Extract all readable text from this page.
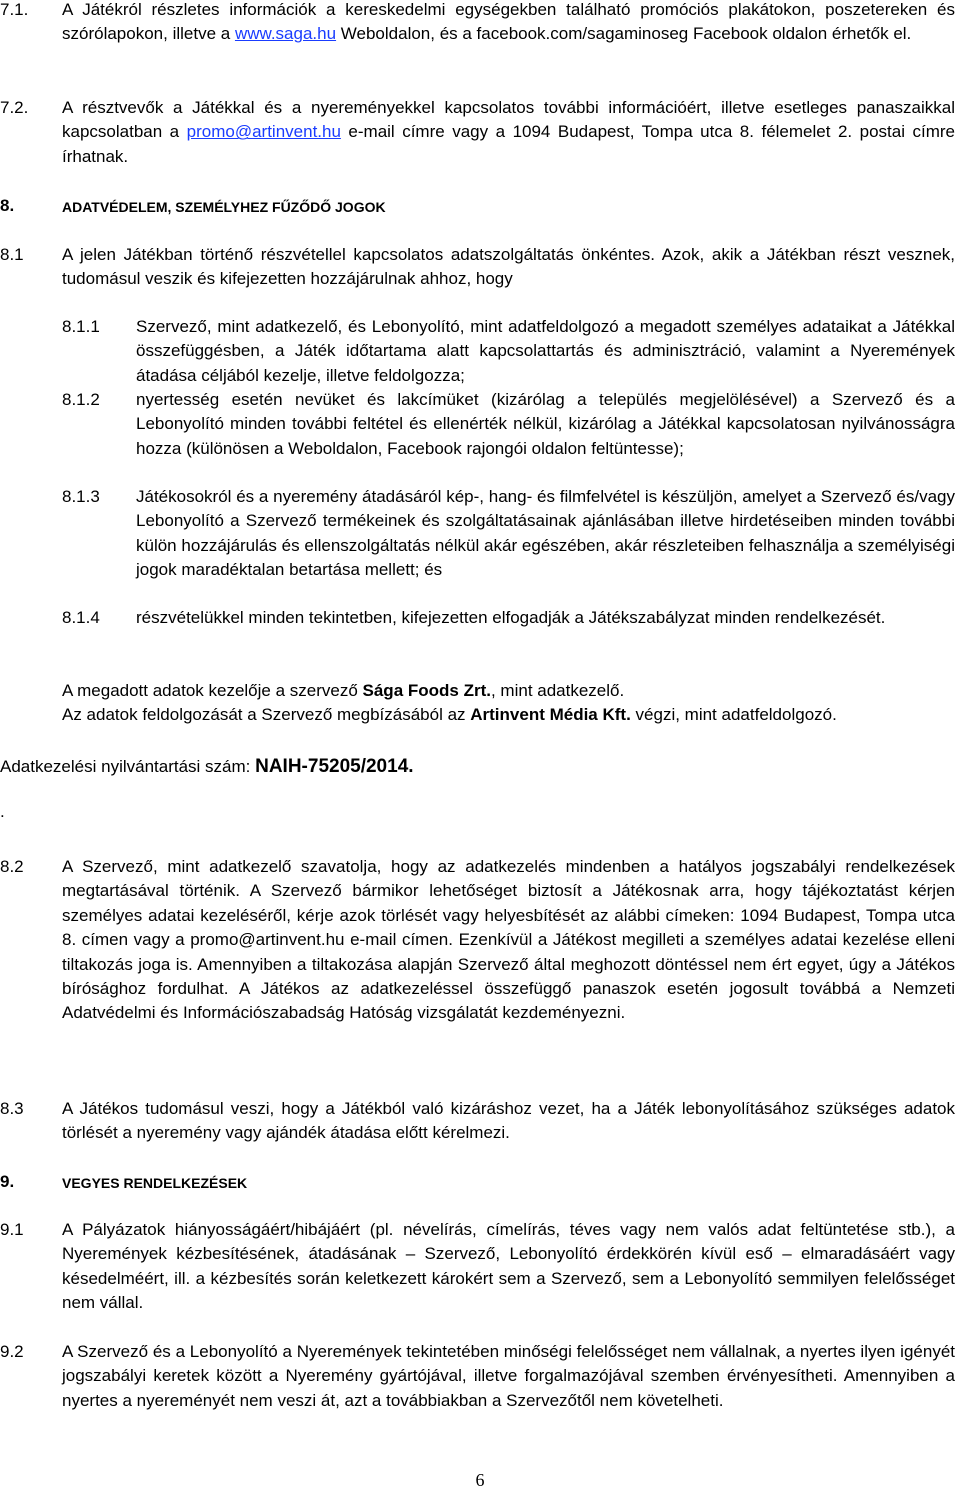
7.1. A Játékról részletes információk a kereskedelmi egységekben található promóciós plakátokon, poszetereken és szórólapokon, illetve a www.saga.hu Weboldalon, és a facebook.com/sagaminoseg Facebook oldalon érhetők el.

7.2. A résztvevők a Játékkal és a nyereményekkel kapcsolatos további információért, illetve esetleges panaszaikkal kapcsolatban a promo@artinvent.hu e-mail címre vagy a 1094 Budapest, Tompa utca 8. félemelet 2. postai címre írhatnak.

8.	ADATVÉDELEM, SZEMÉLYHEZ FŰZŐDŐ JOGOK

8.1 A jelen Játékban történő részvétellel kapcsolatos adatszolgáltatás önkéntes. Azok, akik a Játékban részt vesznek, tudomásul veszik és kifejezetten hozzájárulnak ahhoz, hogy

8.1.1 Szervező, mint adatkezelő, és Lebonyolító, mint adatfeldolgozó a megadott személyes adataikat a Játékkal összefüggésben, a Játék időtartama alatt kapcsolattartás és adminisztráció, valamint a Nyeremények átadása céljából kezelje, illetve feldolgozza;

8.1.2 nyertesség esetén nevüket és lakcímüket (kizárólag a település megjelölésével) a Szervező és a Lebonyolító minden további feltétel és ellenérték nélkül, kizárólag a Játékkal kapcsolatosan nyilvánosságra hozza (különösen a Weboldalon, Facebook rajongói oldalon feltüntesse);

8.1.3 Játékosokról és a nyeremény átadásáról kép-, hang- és filmfelvétel is készüljön, amelyet a Szervező és/vagy Lebonyolító a Szervező termékeinek és szolgáltatásainak ajánlásában illetve hirdetéseiben minden további külön hozzájárulás és ellenszolgáltatás nélkül akár egészében, akár részleteiben felhasználja a személyiségi jogok maradéktalan betartása mellett; és

8.1.4 részvételükkel minden tekintetben, kifejezetten elfogadják a Játékszabályzat minden rendelkezését.

A megadott adatok kezelője a szervező Sága Foods Zrt., mint adatkezelő.

Az adatok feldolgozását a Szervező megbízásából az Artinvent Média Kft. végzi, mint adatfeldolgozó.

Adatkezelési nyilvántartási szám: NAIH-75205/2014.

.

8.2 A Szervező, mint adatkezelő szavatolja, hogy az adatkezelés mindenben a hatályos jogszabályi rendelkezések megtartásával történik. A Szervező bármikor lehetőséget biztosít a Játékosnak arra, hogy tájékoztatást kérjen személyes adatai kezeléséről, kérje azok törlését vagy helyesbítését az alábbi címeken: 1094 Budapest, Tompa utca 8. címen vagy a promo@artinvent.hu e-mail címen. Ezenkívül a Játékost megilleti a személyes adatai kezelése elleni tiltakozás joga is. Amennyiben a tiltakozása alapján Szervező által meghozott döntéssel nem ért egyet, úgy a Játékos bírósághoz fordulhat. A Játékos az adatkezeléssel összefüggő panaszok esetén jogosult továbbá a Nemzeti Adatvédelmi és Információszabadság Hatóság vizsgálatát kezdeményezni.

8.3 A Játékos tudomásul veszi, hogy a Játékból való kizáráshoz vezet, ha a Játék lebonyolításához szükséges adatok törlését a nyeremény vagy ajándék átadása előtt kérelmezi.

9.	VEGYES RENDELKEZÉSEK

9.1 A Pályázatok hiányosságáért/hibájáért (pl. névelírás, címelírás, téves vagy nem valós adat feltüntetése stb.), a Nyeremények kézbesítésének, átadásának – Szervező, Lebonyolító érdekkörén kívül eső – elmaradásáért vagy késedelméért, ill. a kézbesítés során keletkezett károkért sem a Szervező, sem a Lebonyolító semmilyen felelősséget nem vállal.

9.2 A Szervező és a Lebonyolító a Nyeremények tekintetében minőségi felelősséget nem vállalnak, a nyertes ilyen igényét jogszabályi keretek között a Nyeremény gyártójával, illetve forgalmazójával szemben érvényesítheti. Amennyiben a nyertes a nyereményét nem veszi át, azt a továbbiakban a Szervezőtől nem követelheti.

6
